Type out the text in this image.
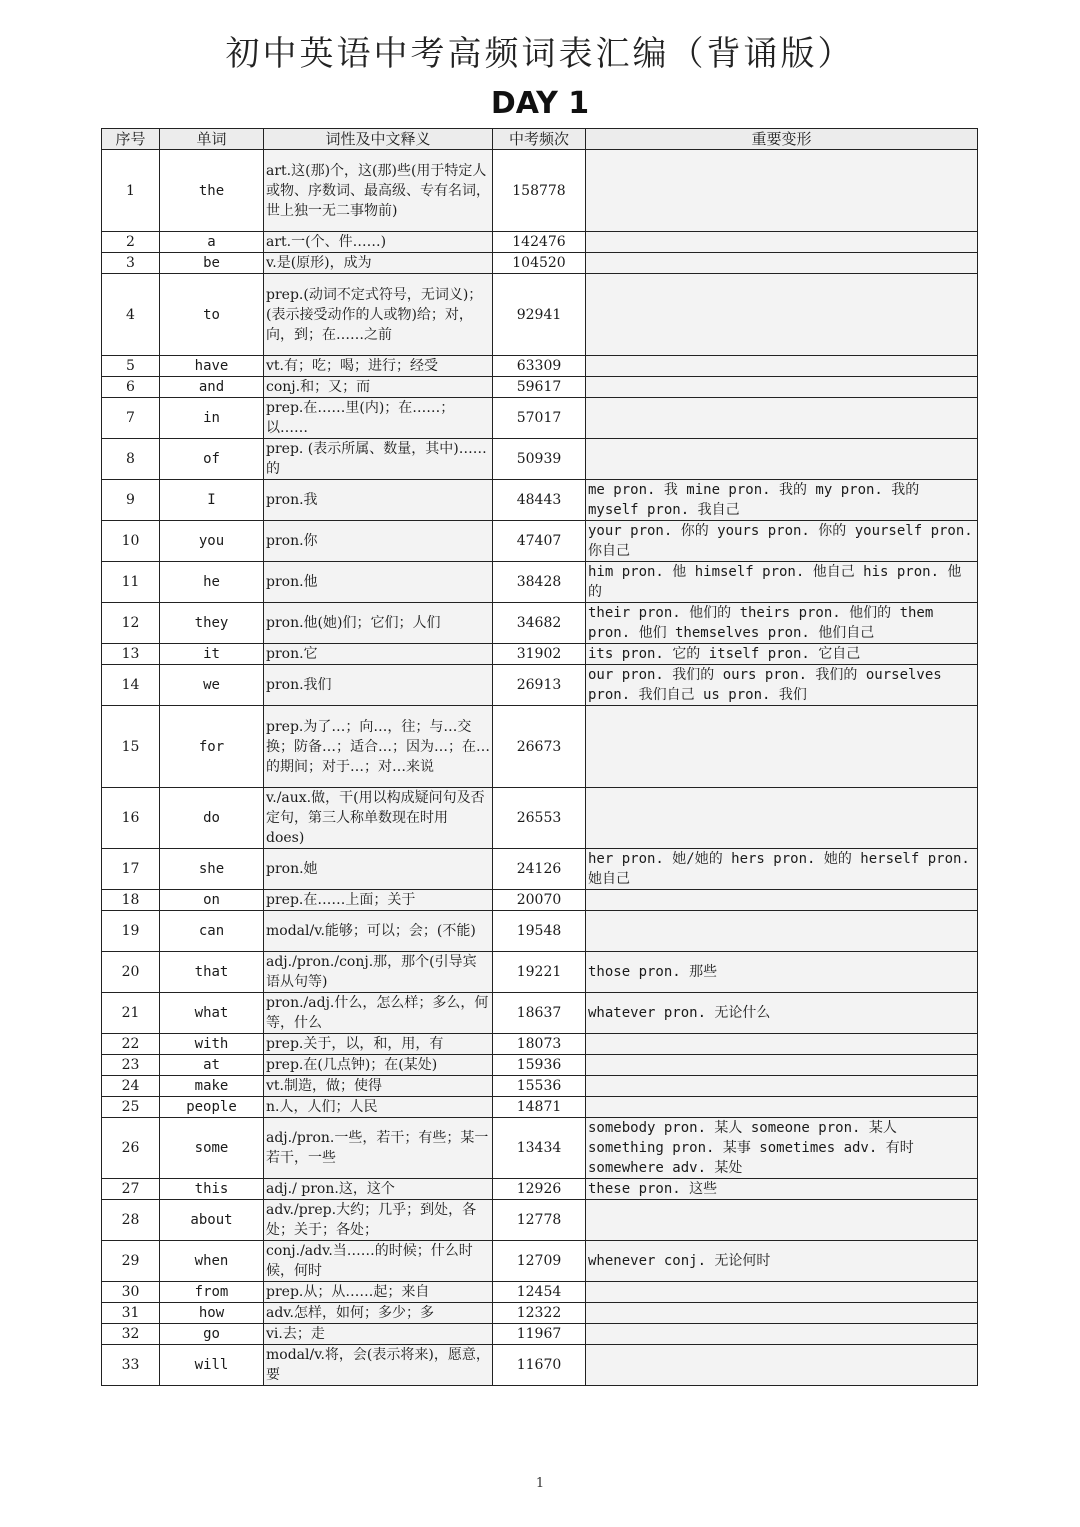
初中英语中考高频词表汇编（背诵版）
DAY 1
序号	单词	词性及中文释义	中考频次	重要变形
1	the	art.这(那)个，这(那)些(用于特定人或物、序数词、最高级、专有名词，世上独一无二事物前)	158778	
2	a	art.一(个、件……)	142476	
3	be	v.是(原形)，成为	104520	
4	to	prep.(动词不定式符号，无词义)；(表示接受动作的人或物)给；对，向，到；在……之前	92941	
5	have	vt.有；吃；喝；进行；经受	63309	
6	and	conj.和；又；而	59617	
7	in	prep.在……里(内)；在……；以……	57017	
8	of	prep. (表示所属、数量，其中)……的	50939	
9	I	pron.我	48443	me pron. 我 mine pron. 我的 my pron. 我的 myself pron. 我自己
10	you	pron.你	47407	your pron. 你的 yours pron. 你的 yourself pron. 你自己
11	he	pron.他	38428	him pron. 他 himself pron. 他自己 his pron. 他的
12	they	pron.他(她)们；它们；人们	34682	their pron. 他们的 theirs pron. 他们的 them pron. 他们 themselves pron. 他们自己
13	it	pron.它	31902	its pron. 它的 itself pron. 它自己
14	we	pron.我们	26913	our pron. 我们的 ours pron. 我们的 ourselves pron. 我们自己 us pron. 我们
15	for	prep.为了…；向…，往；与…交换；防备…；适合…；因为…；在…的期间；对于…；对…来说	26673	
16	do	v./aux.做，干(用以构成疑问句及否定句，第三人称单数现在时用 does)	26553	
17	she	pron.她	24126	her pron. 她/她的 hers pron. 她的 herself pron. 她自己
18	on	prep.在……上面；关于	20070	
19	can	modal/v.能够；可以；会；(不能)	19548	
20	that	adj./pron./conj.那，那个(引导宾语从句等)	19221	those pron. 那些
21	what	pron./adj.什么，怎么样；多么，何等，什么	18637	whatever pron. 无论什么
22	with	prep.关于，以，和，用，有	18073	
23	at	prep.在(几点钟)；在(某处)	15936	
24	make	vt.制造，做；使得	15536	
25	people	n.人，人们；人民	14871	
26	some	adj./pron.一些，若干；有些；某一若干，一些	13434	somebody pron. 某人 someone pron. 某人 something pron. 某事 sometimes adv. 有时 somewhere adv. 某处
27	this	adj./ pron.这，这个	12926	these pron. 这些
28	about	adv./prep.大约；几乎；到处，各处；关于；各处；	12778	
29	when	conj./adv.当……的时候；什么时候，何时	12709	whenever conj. 无论何时
30	from	prep.从；从……起；来自	12454	
31	how	adv.怎样，如何；多少；多	12322	
32	go	vi.去；走	11967	
33	will	modal/v.将，会(表示将来)，愿意，要	11670	
1
